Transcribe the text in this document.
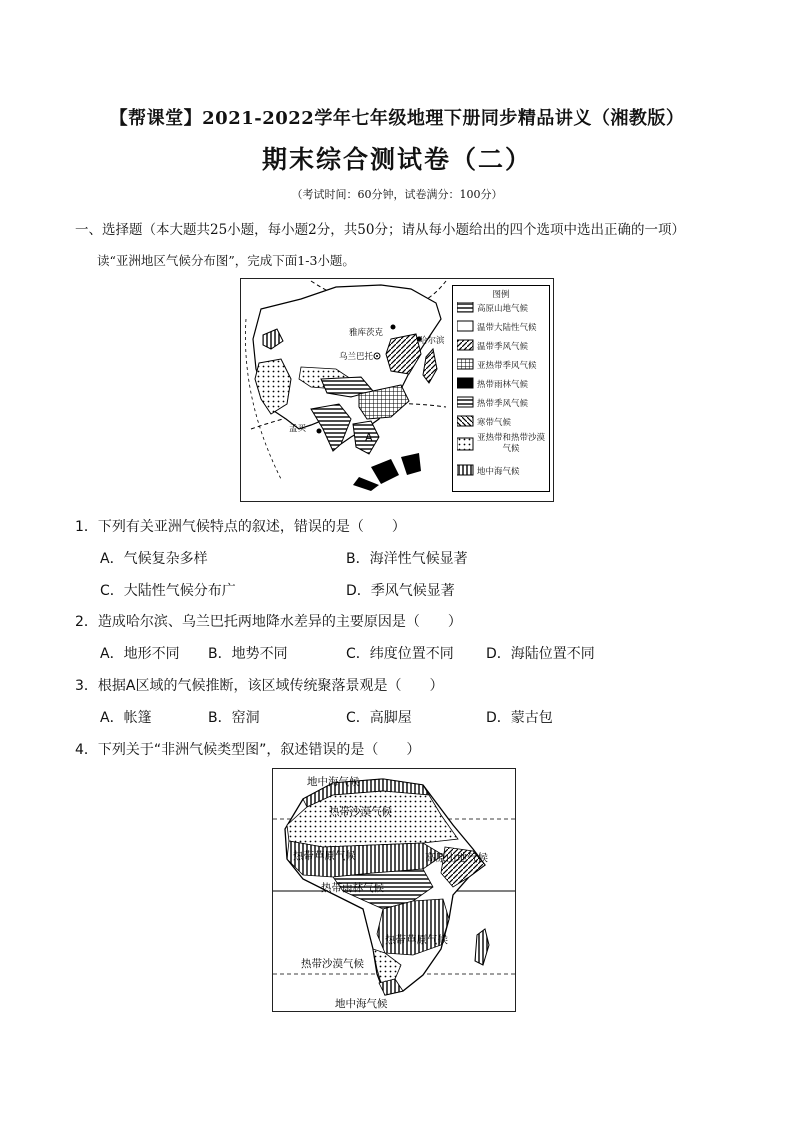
【帮课堂】2021-2022学年七年级地理下册同步精品讲义（湘教版）
期末综合测试卷（二）
（考试时间：60分钟，试卷满分：100分）
一、选择题（本大题共25小题，每小题2分，共50分；请从每小题给出的四个选项中选出正确的一项）
读“亚洲地区气候分布图”，完成下面1-3小题。
雅库茨克
哈尔滨
乌兰巴托
孟买
A
图例
高原山地气候
温带大陆性气候
温带季风气候
亚热带季风气候
热带雨林气候
热带季风气候
寒带气候
亚热带和热带沙漠气候
地中海气候
1．下列有关亚洲气候特点的叙述，错误的是（　　）
A．气候复杂多样	B．海洋性气候显著
C．大陆性气候分布广	D．季风气候显著
2．造成哈尔滨、乌兰巴托两地降水差异的主要原因是（　　）
A．地形不同 B．地势不同	C．纬度位置不同 D．海陆位置不同
3．根据A区域的气候推断，该区域传统聚落景观是（　　）
A．帐篷	B．窑洞	C．高脚屋	D．蒙古包
4．下列关于“非洲气候类型图”，叙述错误的是（　　）
地中海气候
热带沙漠气候
热带草原气候	高原山地气候
热带雨林气候
热带草原气候
热带沙漠气候
地中海气候
